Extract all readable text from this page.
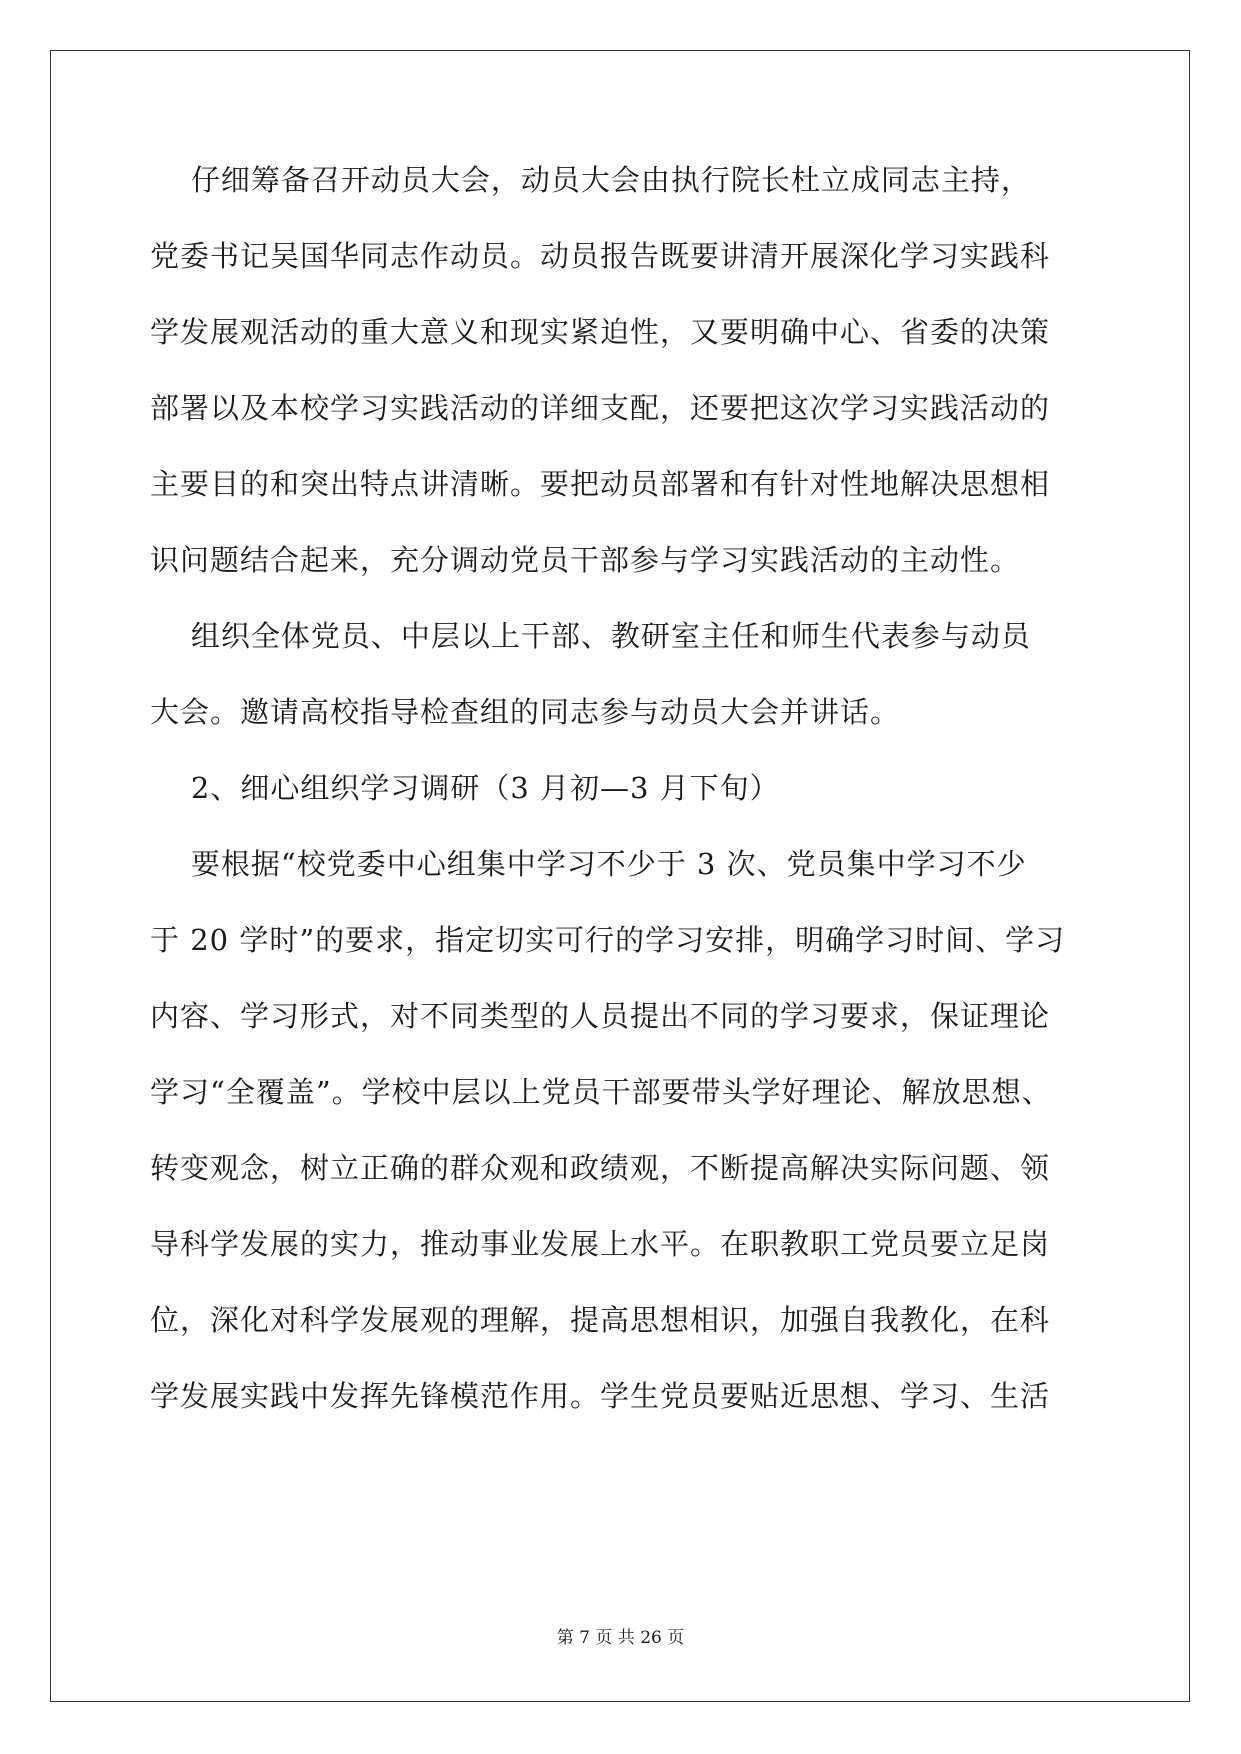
仔细筹备召开动员大会，动员大会由执行院长杜立成同志主持，
党委书记吴国华同志作动员。动员报告既要讲清开展深化学习实践科
学发展观活动的重大意义和现实紧迫性，又要明确中心、省委的决策
部署以及本校学习实践活动的详细支配，还要把这次学习实践活动的
主要目的和突出特点讲清晰。要把动员部署和有针对性地解决思想相
识问题结合起来，充分调动党员干部参与学习实践活动的主动性。
组织全体党员、中层以上干部、教研室主任和师生代表参与动员
大会。邀请高校指导检查组的同志参与动员大会并讲话。
2、细心组织学习调研（3 月初—3 月下旬）
要根据“校党委中心组集中学习不少于 3 次、党员集中学习不少
于 20 学时”的要求，指定切实可行的学习安排，明确学习时间、学习
内容、学习形式，对不同类型的人员提出不同的学习要求，保证理论
学习“全覆盖”。学校中层以上党员干部要带头学好理论、解放思想、
转变观念，树立正确的群众观和政绩观，不断提高解决实际问题、领
导科学发展的实力，推动事业发展上水平。在职教职工党员要立足岗
位，深化对科学发展观的理解，提高思想相识，加强自我教化，在科
学发展实践中发挥先锋模范作用。学生党员要贴近思想、学习、生活
第 7 页 共 26 页
